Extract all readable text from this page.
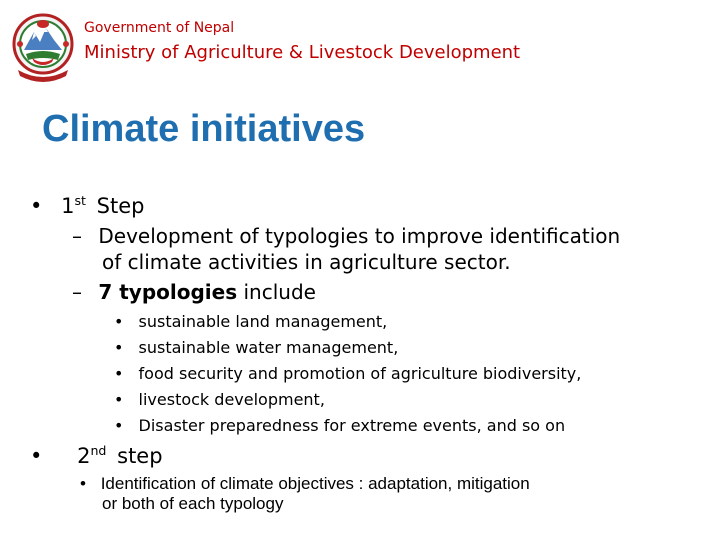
Government of Nepal
Ministry of Agriculture & Livestock Development
Climate initiatives
• 1st Step
– Development of typologies to improve identification
of climate activities in agriculture sector.
– 7 typologies include
• sustainable land management,
• sustainable water management,
• food security and promotion of agriculture biodiversity,
• livestock development,
• Disaster preparedness for extreme events, and so on
• 2nd step
• Identification of climate objectives : adaptation, mitigation
or both of each typology
